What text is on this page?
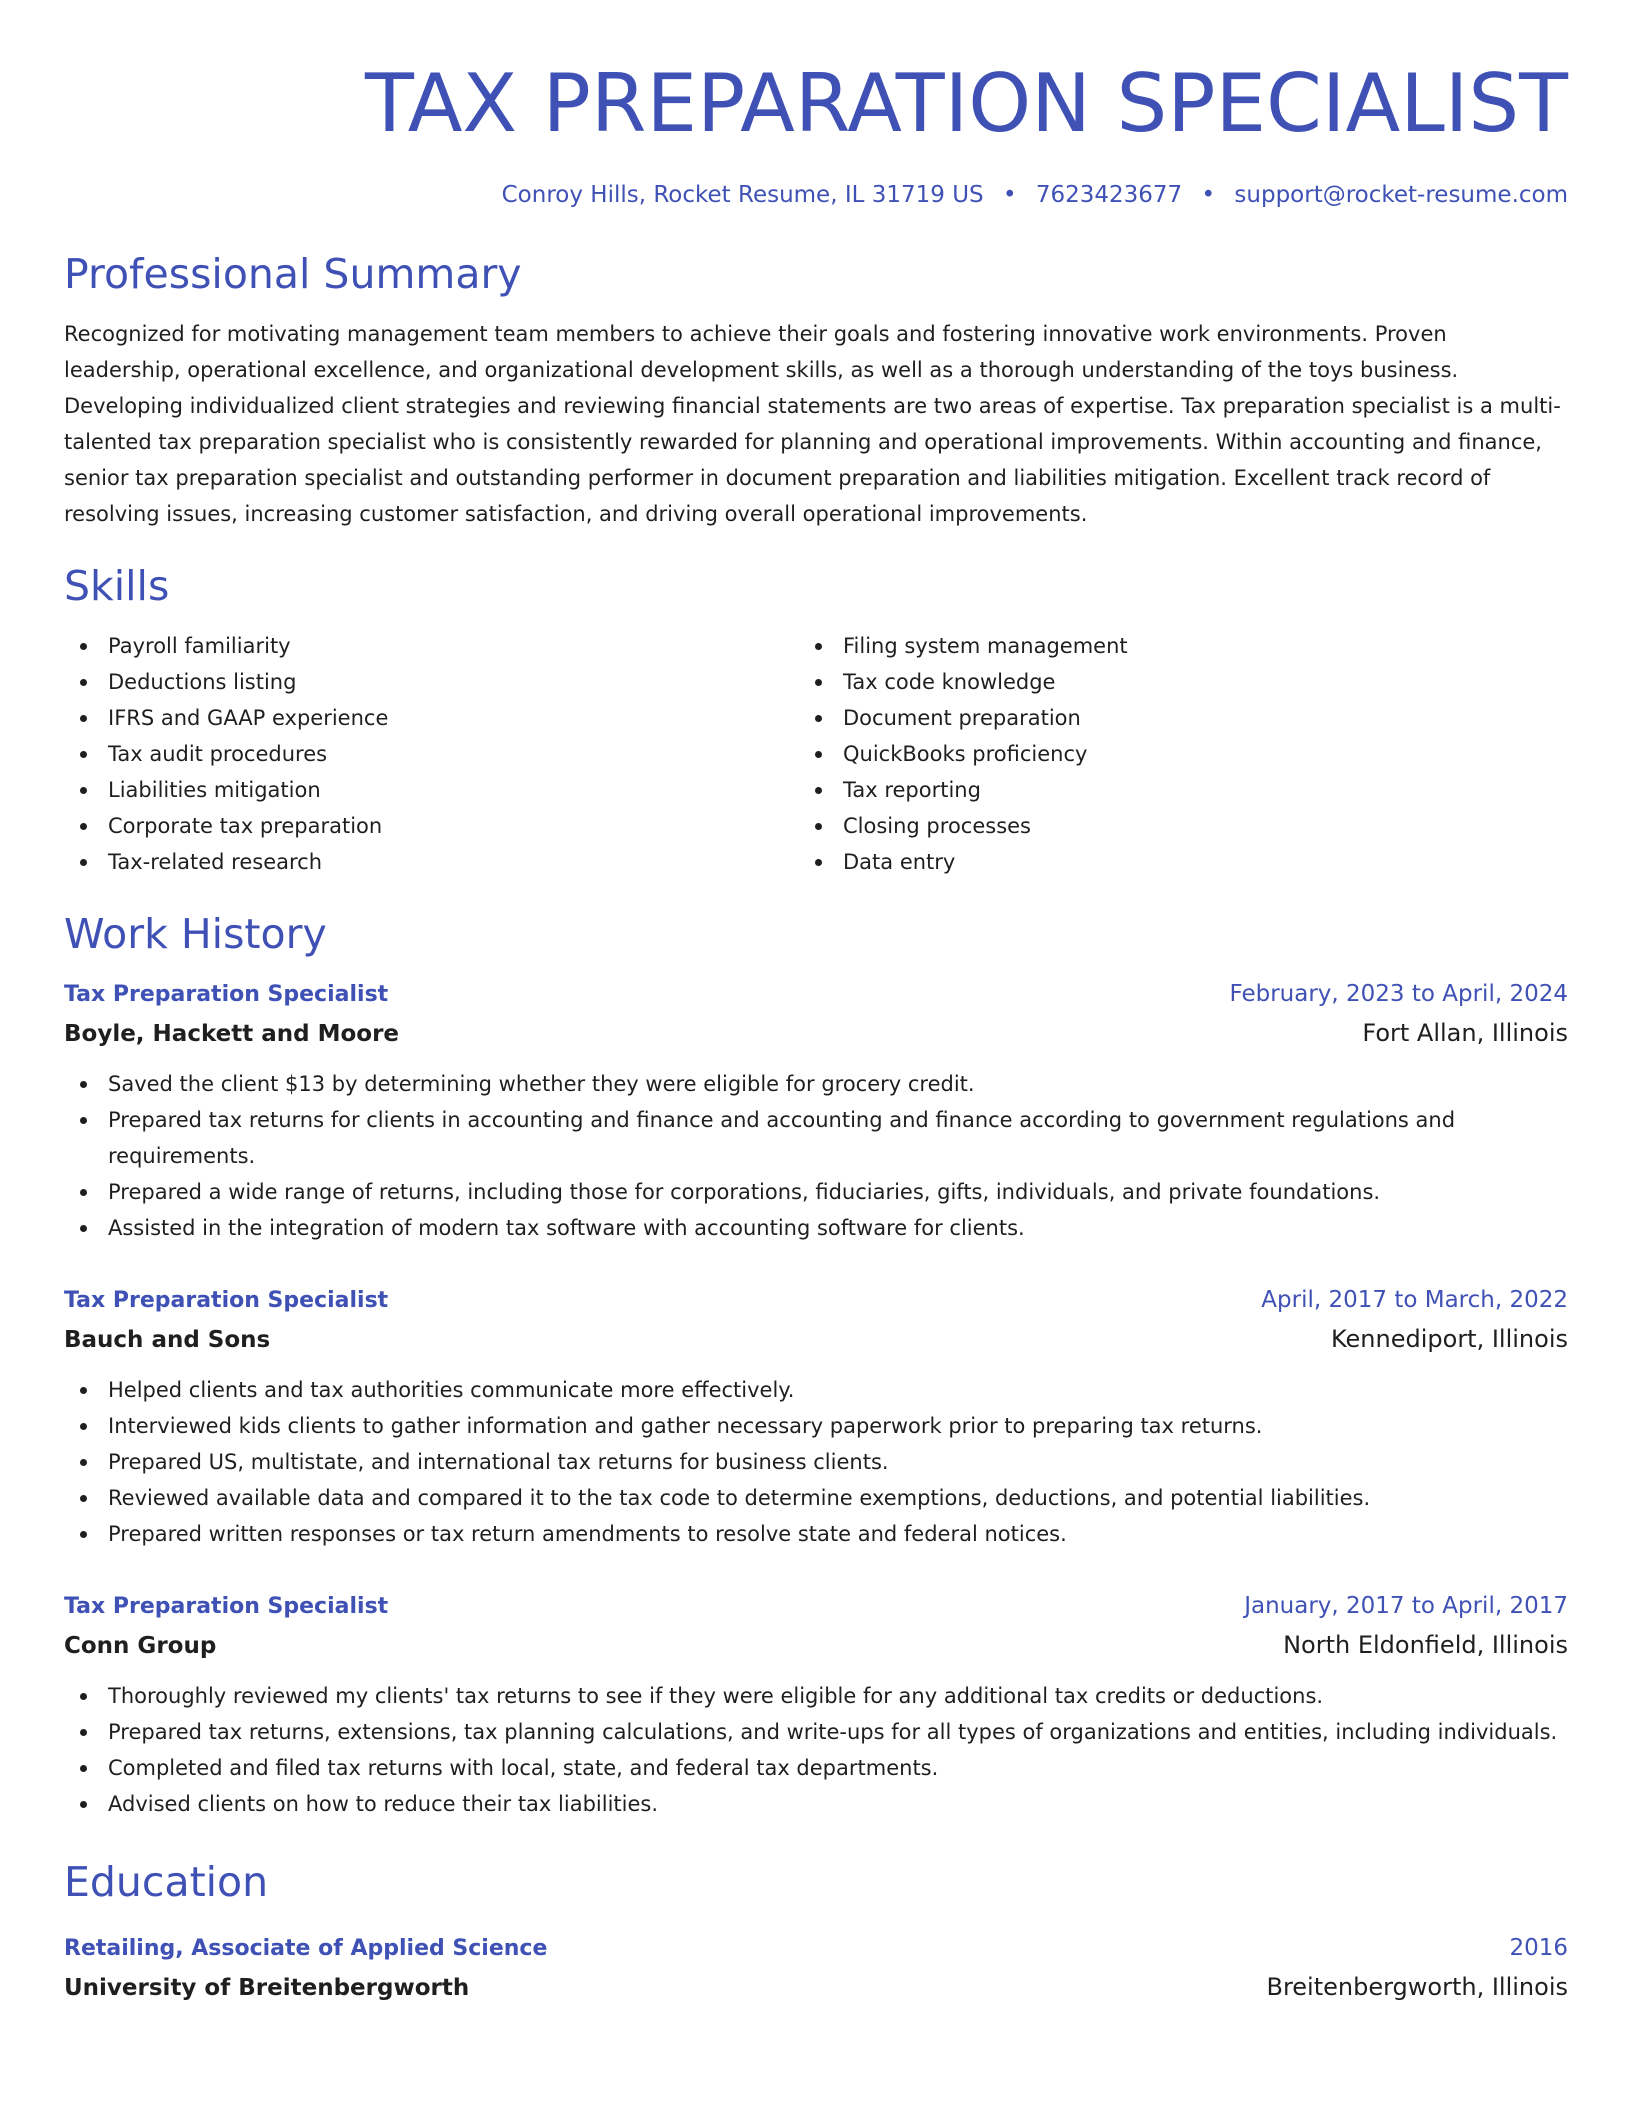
TAX PREPARATION SPECIALIST
Conroy Hills, Rocket Resume, IL 31719 US • 7623423677 • support@rocket-resume.com
Professional Summary
Recognized for motivating management team members to achieve their goals and fostering innovative work environments. Proven leadership, operational excellence, and organizational development skills, as well as a thorough understanding of the toys business. Developing individualized client strategies and reviewing financial statements are two areas of expertise. Tax preparation specialist is a multi-talented tax preparation specialist who is consistently rewarded for planning and operational improvements. Within accounting and finance, senior tax preparation specialist and outstanding performer in document preparation and liabilities mitigation. Excellent track record of resolving issues, increasing customer satisfaction, and driving overall operational improvements.
Skills
Payroll familiarity
Deductions listing
IFRS and GAAP experience
Tax audit procedures
Liabilities mitigation
Corporate tax preparation
Tax-related research
Filing system management
Tax code knowledge
Document preparation
QuickBooks proficiency
Tax reporting
Closing processes
Data entry
Work History
Tax Preparation Specialist	February, 2023 to April, 2024
Boyle, Hackett and Moore	Fort Allan, Illinois
Saved the client $13 by determining whether they were eligible for grocery credit.
Prepared tax returns for clients in accounting and finance and accounting and finance according to government regulations and requirements.
Prepared a wide range of returns, including those for corporations, fiduciaries, gifts, individuals, and private foundations.
Assisted in the integration of modern tax software with accounting software for clients.
Tax Preparation Specialist	April, 2017 to March, 2022
Bauch and Sons	Kennediport, Illinois
Helped clients and tax authorities communicate more effectively.
Interviewed kids clients to gather information and gather necessary paperwork prior to preparing tax returns.
Prepared US, multistate, and international tax returns for business clients.
Reviewed available data and compared it to the tax code to determine exemptions, deductions, and potential liabilities.
Prepared written responses or tax return amendments to resolve state and federal notices.
Tax Preparation Specialist	January, 2017 to April, 2017
Conn Group	North Eldonfield, Illinois
Thoroughly reviewed my clients' tax returns to see if they were eligible for any additional tax credits or deductions.
Prepared tax returns, extensions, tax planning calculations, and write-ups for all types of organizations and entities, including individuals.
Completed and filed tax returns with local, state, and federal tax departments.
Advised clients on how to reduce their tax liabilities.
Education
Retailing, Associate of Applied Science	2016
University of Breitenbergworth	Breitenbergworth, Illinois
